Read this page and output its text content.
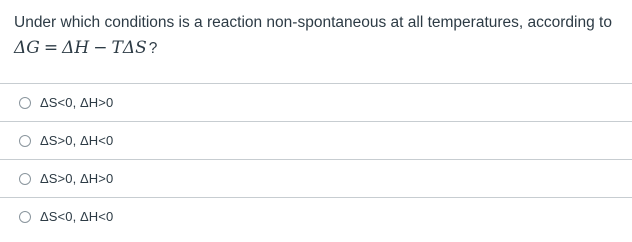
Under which conditions is a reaction non-spontaneous at all temperatures, according to
ΔG = ΔH − TΔS ?
ΔS<0, ΔH>0
ΔS>0, ΔH<0
ΔS>0, ΔH>0
ΔS<0, ΔH<0
